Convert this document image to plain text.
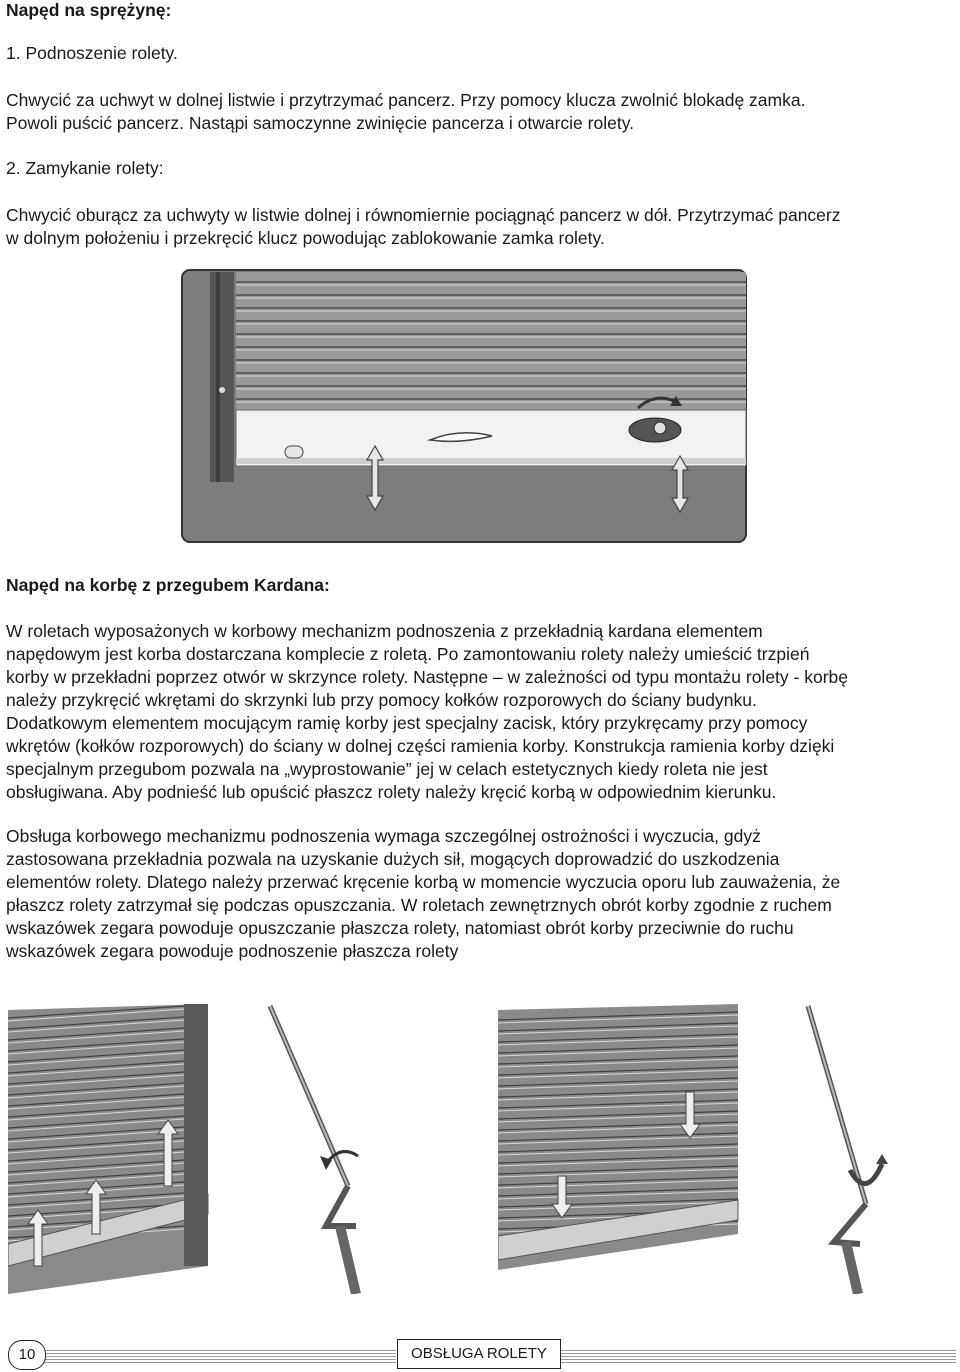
Napęd na sprężynę:

1. Podnoszenie rolety.

Chwycić za uchwyt w dolnej listwie i przytrzymać pancerz. Przy pomocy klucza zwolnić blokadę zamka.
Powoli puścić pancerz. Nastąpi samoczynne zwinięcie pancerza i otwarcie rolety.

2. Zamykanie rolety:

Chwycić oburącz za uchwyty w listwie dolnej i równomiernie pociągnąć pancerz w dół. Przytrzymać pancerz
w dolnym położeniu i przekręcić klucz powodując zablokowanie zamka rolety.

Napęd na korbę z przegubem Kardana:

W roletach wyposażonych w korbowy mechanizm podnoszenia z przekładnią kardana elementem
napędowym jest korba dostarczana komplecie z roletą. Po zamontowaniu rolety należy umieścić trzpień
korby w przekładni poprzez otwór w skrzynce rolety. Następne – w zależności od typu montażu rolety - korbę
należy przykręcić wkrętami do skrzynki lub przy pomocy kołków rozporowych do ściany budynku.
Dodatkowym elementem mocującym ramię korby jest specjalny zacisk, który przykręcamy przy pomocy
wkrętów (kołków rozporowych) do ściany w dolnej części ramienia korby. Konstrukcja ramienia korby dzięki
specjalnym przegubom pozwala na „wyprostowanie” jej w celach estetycznych kiedy roleta nie jest
obsługiwana. Aby podnieść lub opuścić płaszcz rolety należy kręcić korbą w odpowiednim kierunku.

Obsługa korbowego mechanizmu podnoszenia wymaga szczególnej ostrożności i wyczucia, gdyż
zastosowana przekładnia pozwala na uzyskanie dużych sił, mogących doprowadzić do uszkodzenia
elementów rolety. Dlatego należy przerwać kręcenie korbą w momencie wyczucia oporu lub zauważenia, że
płaszcz rolety zatrzymał się podczas opuszczania. W roletach zewnętrznych obrót korby zgodnie z ruchem
wskazówek zegara powoduje opuszczanie płaszcza rolety, natomiast obrót korby przeciwnie do ruchu
wskazówek zegara powoduje podnoszenie płaszcza rolety

10	OBSŁUGA ROLETY
